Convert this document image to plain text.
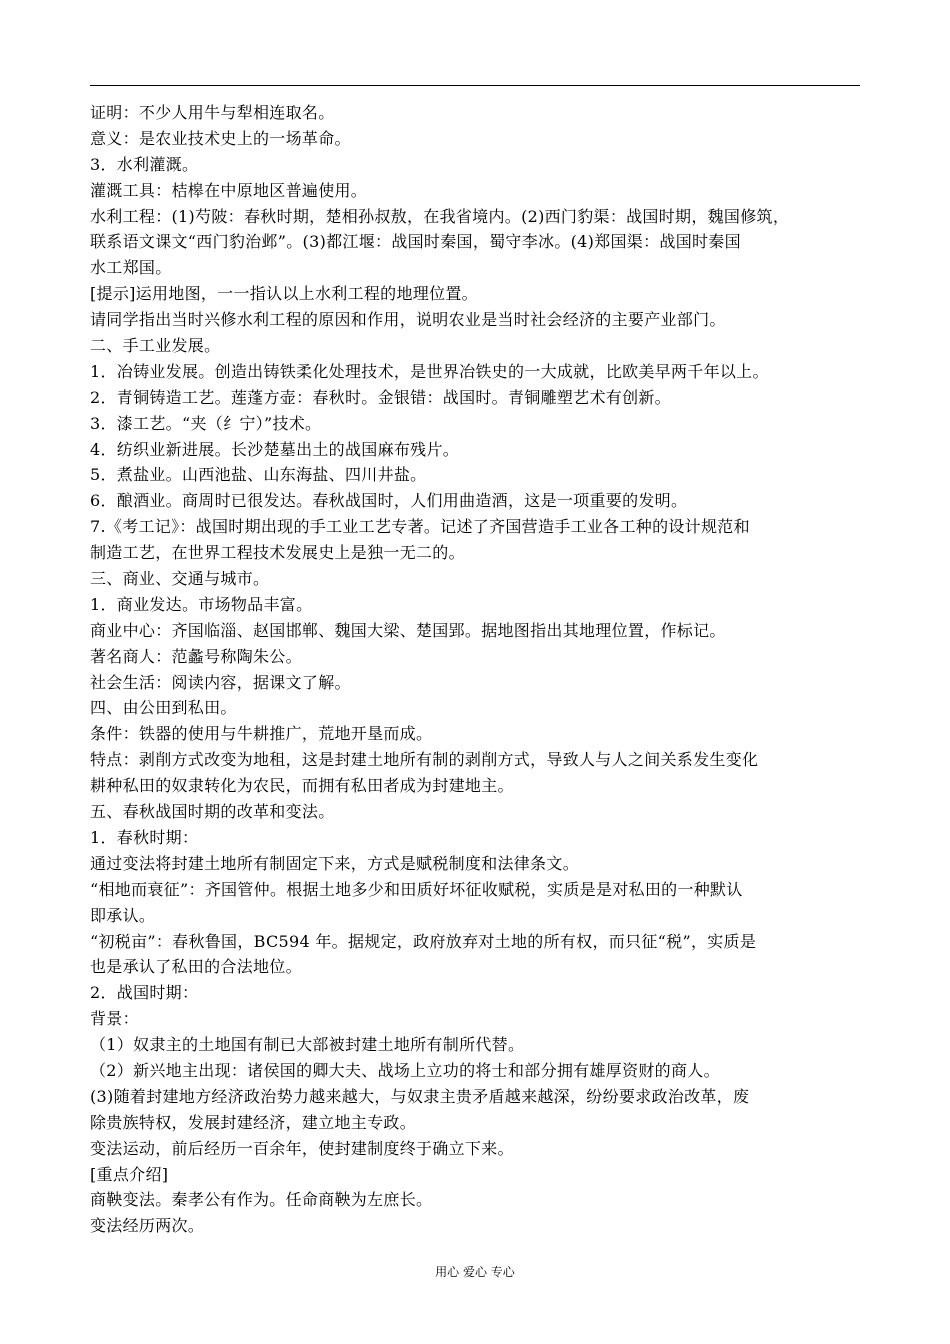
证明：不少人用牛与犁相连取名。
意义：是农业技术史上的一场革命。
3．水利灌溉。
灌溉工具：桔槔在中原地区普遍使用。
水利工程：(1)芍陂：春秋时期，楚相孙叔敖，在我省境内。(2)西门豹渠：战国时期，魏国修筑，
联系语文课文“西门豹治邺”。(3)都江堰：战国时秦国，蜀守李冰。(4)郑国渠：战国时秦国
水工郑国。
[提示]运用地图，一一指认以上水利工程的地理位置。
请同学指出当时兴修水利工程的原因和作用，说明农业是当时社会经济的主要产业部门。
二、手工业发展。
1．冶铸业发展。创造出铸铁柔化处理技术，是世界冶铁史的一大成就，比欧美早两千年以上。
2．青铜铸造工艺。莲蓬方壶：春秋时。金银错：战国时。青铜雕塑艺术有创新。
3．漆工艺。“夹（纟宁）”技术。
4．纺织业新进展。长沙楚墓出土的战国麻布残片。
5．煮盐业。山西池盐、山东海盐、四川井盐。
6．酿酒业。商周时已很发达。春秋战国时，人们用曲造酒，这是一项重要的发明。
7.《考工记》：战国时期出现的手工业工艺专著。记述了齐国营造手工业各工种的设计规范和
制造工艺，在世界工程技术发展史上是独一无二的。
三、商业、交通与城市。
1．商业发达。市场物品丰富。
商业中心：齐国临淄、赵国邯郸、魏国大梁、楚国郢。据地图指出其地理位置，作标记。
著名商人：范蠡号称陶朱公。
社会生活：阅读内容，据课文了解。
四、由公田到私田。
条件：铁器的使用与牛耕推广，荒地开垦而成。
特点：剥削方式改变为地租，这是封建土地所有制的剥削方式，导致人与人之间关系发生变化
耕种私田的奴隶转化为农民，而拥有私田者成为封建地主。
五、春秋战国时期的改革和变法。
1．春秋时期：
通过变法将封建土地所有制固定下来，方式是赋税制度和法律条文。
“相地而衰征”：齐国管仲。根据土地多少和田质好坏征收赋税，实质是是对私田的一种默认
即承认。
“初税亩”：春秋鲁国，BC594 年。据规定，政府放弃对土地的所有权，而只征“税”，实质是
也是承认了私田的合法地位。
2．战国时期：
背景：
（1）奴隶主的土地国有制已大部被封建土地所有制所代替。
（2）新兴地主出现：诸侯国的卿大夫、战场上立功的将士和部分拥有雄厚资财的商人。
(3)随着封建地方经济政治势力越来越大，与奴隶主贵矛盾越来越深，纷纷要求政治改革，废
除贵族特权，发展封建经济，建立地主专政。
变法运动，前后经历一百余年，使封建制度终于确立下来。
[重点介绍]
商鞅变法。秦孝公有作为。任命商鞅为左庶长。
变法经历两次。
用心 爱心 专心
